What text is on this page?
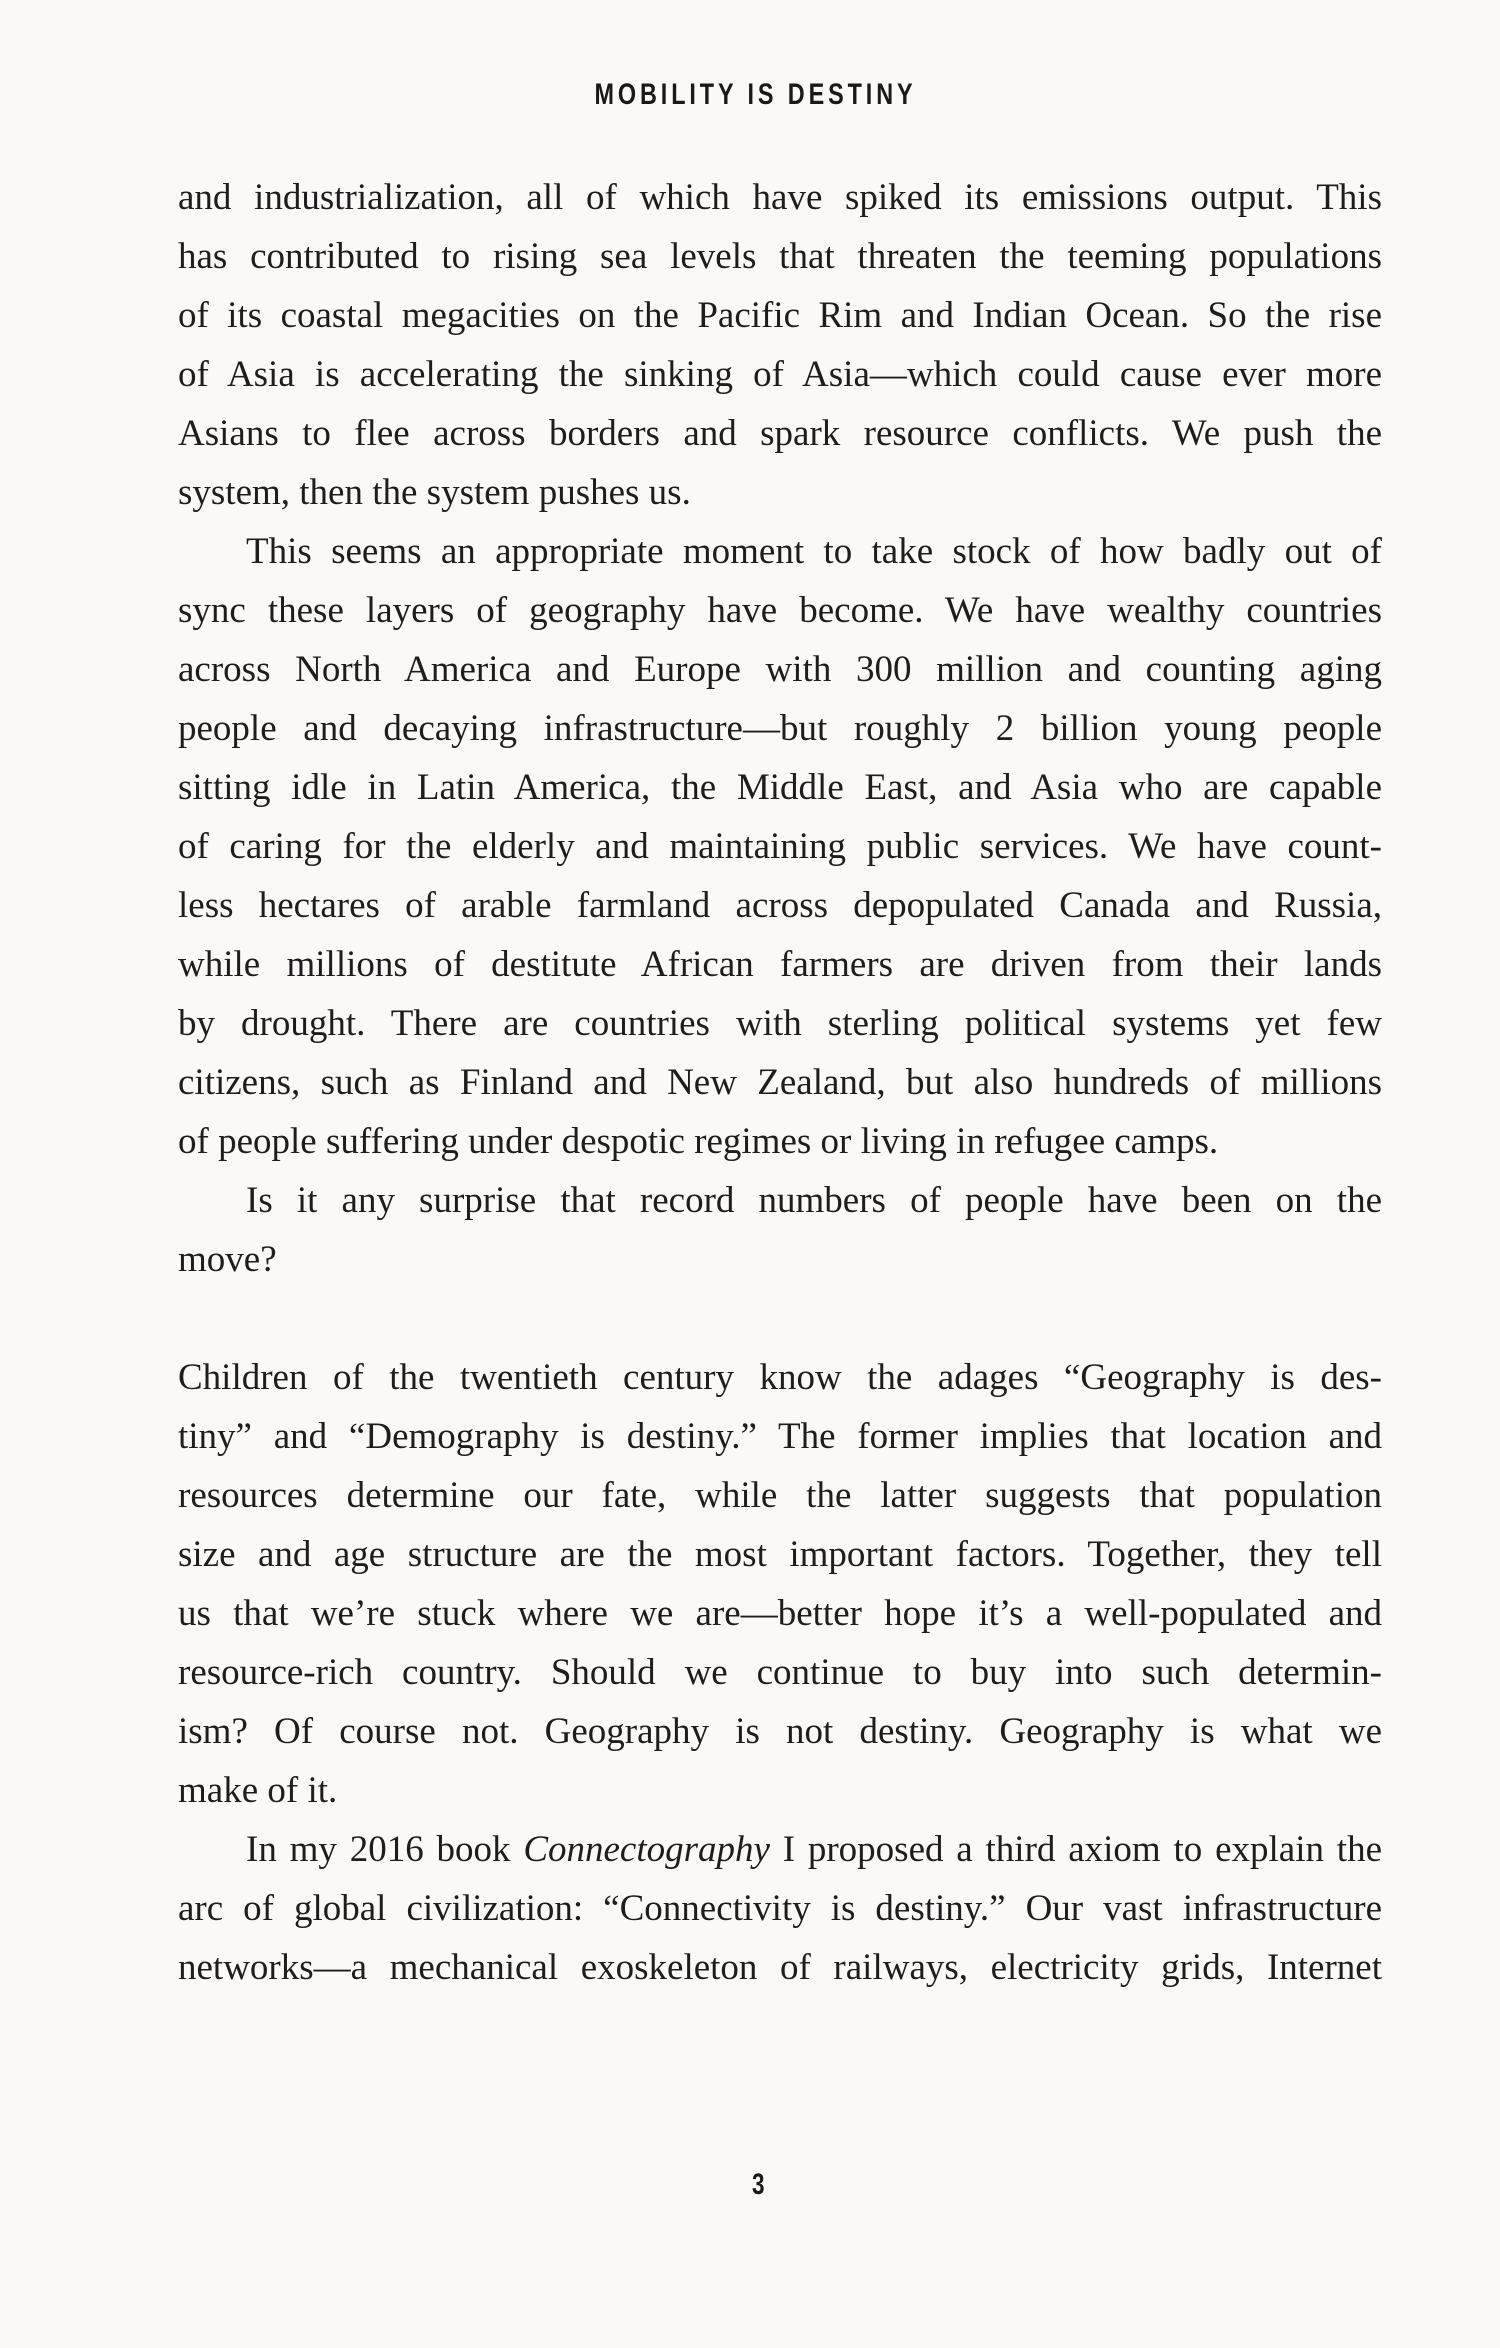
MOBILITY IS DESTINY
and industrialization, all of which have spiked its emissions output. This
has contributed to rising sea levels that threaten the teeming populations
of its coastal megacities on the Pacific Rim and Indian Ocean. So the rise
of Asia is accelerating the sinking of Asia—which could cause ever more
Asians to flee across borders and spark resource conflicts. We push the
system, then the system pushes us.
This seems an appropriate moment to take stock of how badly out of
sync these layers of geography have become. We have wealthy countries
across North America and Europe with 300 million and counting aging
people and decaying infrastructure—but roughly 2 billion young people
sitting idle in Latin America, the Middle East, and Asia who are capable
of caring for the elderly and maintaining public services. We have count-
less hectares of arable farmland across depopulated Canada and Russia,
while millions of destitute African farmers are driven from their lands
by drought. There are countries with sterling political systems yet few
citizens, such as Finland and New Zealand, but also hundreds of millions
of people suffering under despotic regimes or living in refugee camps.
Is it any surprise that record numbers of people have been on the
move?
Children of the twentieth century know the adages “Geography is des-
tiny” and “Demography is destiny.” The former implies that location and
resources determine our fate, while the latter suggests that population
size and age structure are the most important factors. Together, they tell
us that we’re stuck where we are—better hope it’s a well-populated and
resource-rich country. Should we continue to buy into such determin-
ism? Of course not. Geography is not destiny. Geography is what we
make of it.
In my 2016 book Connectography I proposed a third axiom to explain the
arc of global civilization: “Connectivity is destiny.” Our vast infrastructure
networks—a mechanical exoskeleton of railways, electricity grids, Internet
3
